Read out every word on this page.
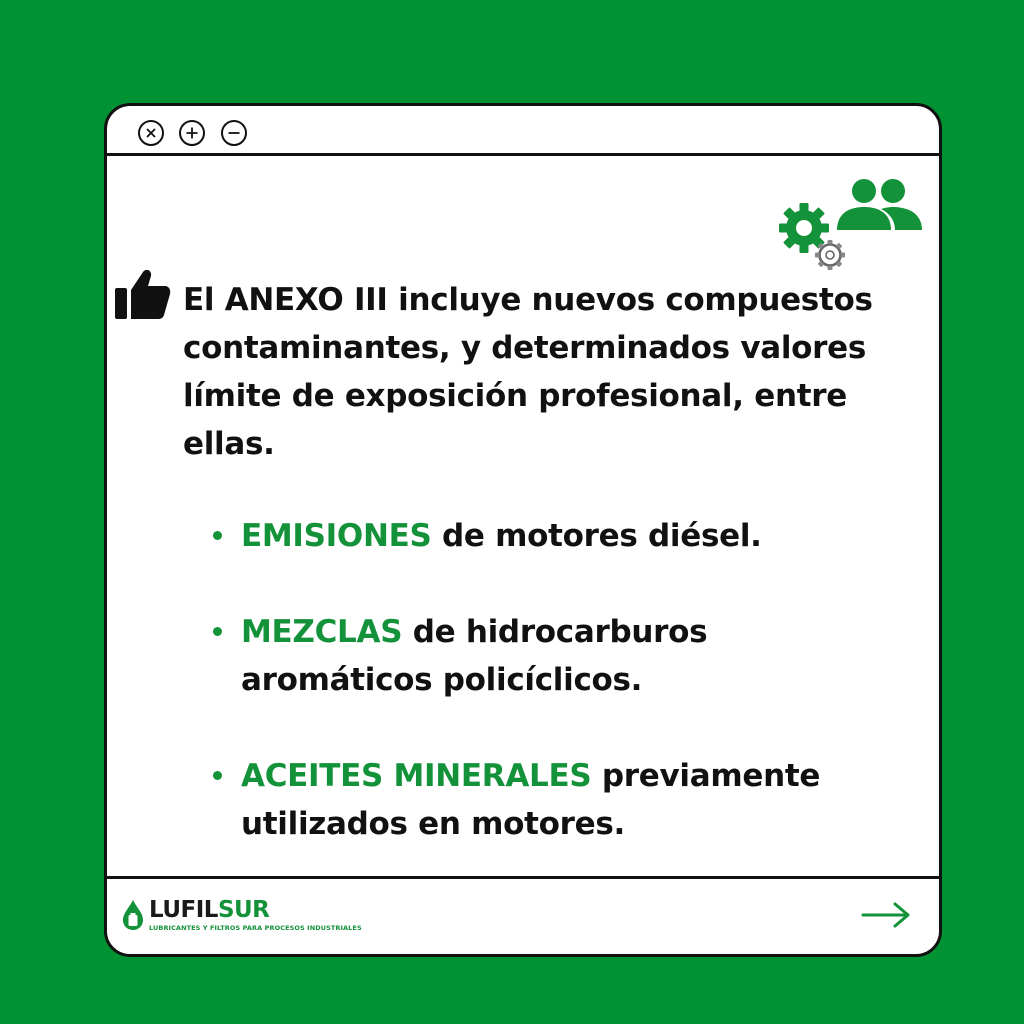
El ANEXO III incluye nuevos compuestos contaminantes, y determinados valores límite de exposición profesional, entre ellas.

EMISIONES de motores diésel.
MEZCLAS de hidrocarburos aromáticos policíclicos.
ACEITES MINERALES previamente utilizados en motores.
LUFILSUR
LUBRICANTES Y FILTROS PARA PROCESOS INDUSTRIALES
